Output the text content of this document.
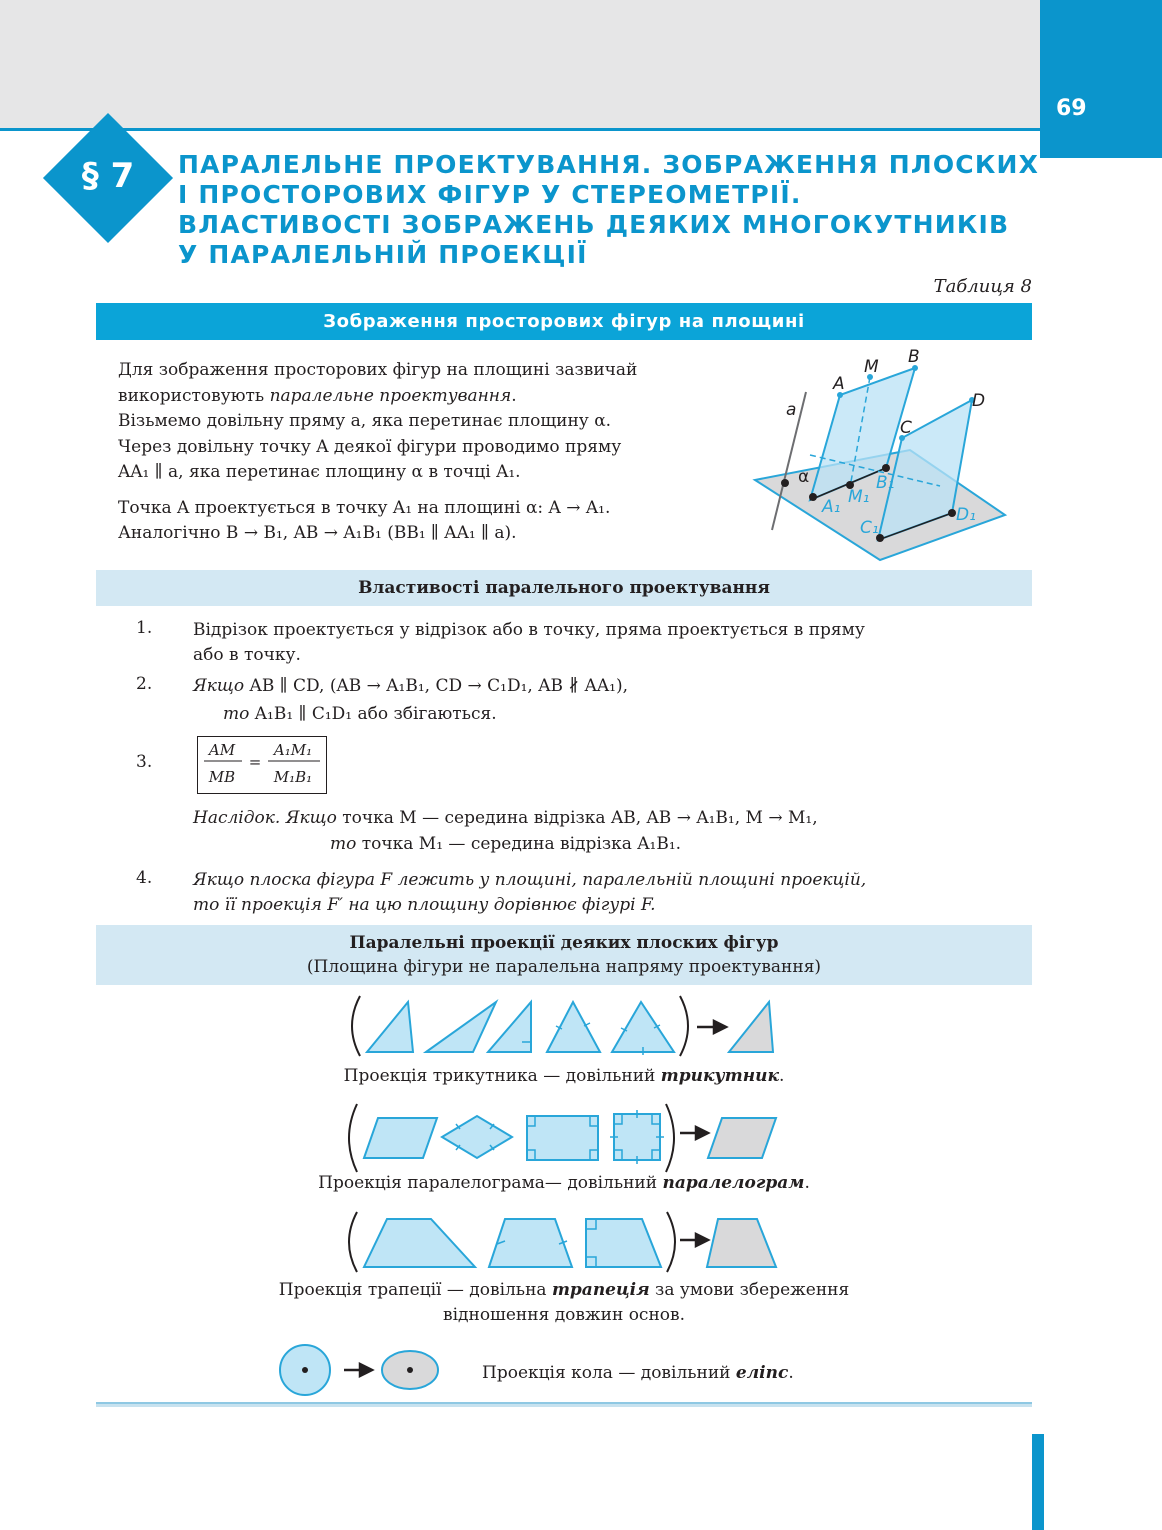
69
§ 7	ПАРАЛЕЛЬНЕ ПРОЕКТУВАННЯ. ЗОБРАЖЕННЯ ПЛОСКИХ
І ПРОСТОРОВИХ ФІГУР У СТЕРЕОМЕТРІЇ.
ВЛАСТИВОСТІ ЗОБРАЖЕНЬ ДЕЯКИХ МНОГОКУТНИКІВ
У ПАРАЛЕЛЬНІЙ ПРОЕКЦІЇ
Таблиця 8
Зображення просторових фігур на площині

Для зображення просторових фігур на площині зазвичай

використовують паралельне проектування.

Візьмемо довільну пряму a, яка перетинає площину α.

Через довільну точку A деякої фігури проводимо пряму

AA₁ ∥ a, яка перетинає площину α в точці A₁.

Точка A проектується в точку A₁ на площині α: A → A₁.

Аналогічно B → B₁, AB → A₁B₁ (BB₁ ∥ AA₁ ∥ a).

a
α
A
M B
C
D
A₁ M₁
B₁
C₁
D₁
Властивості паралельного проектування
1. Відрізок проектується у відрізок або в точку, пряма проектується в пряму
або в точку.
2. Якщо AB ∥ CD, (AB → A₁B₁, CD → C₁D₁, AB ∦ AA₁),
то A₁B₁ ∥ C₁D₁ або збігаються.
3.
AM
MB
=
A₁M₁
M₁B₁
Наслідок. Якщо точка M — середина відрізка AB, AB → A₁B₁, M → M₁,
то точка M₁ — середина відрізка A₁B₁.
4. Якщо плоска фігура F лежить у площині, паралельній площині проекцій,
то її проекція F′ на цю площину дорівнює фігурі F.
Паралельні проекції деяких плоских фігур
(Площина фігури не паралельна напряму проектування)
Проекція трикутника — довільний трикутник.
Проекція паралелограма— довільний паралелограм.
Проекція трапеції — довільна трапеція за умови збереження
відношення довжин основ.
Проекція кола — довільний еліпс.
